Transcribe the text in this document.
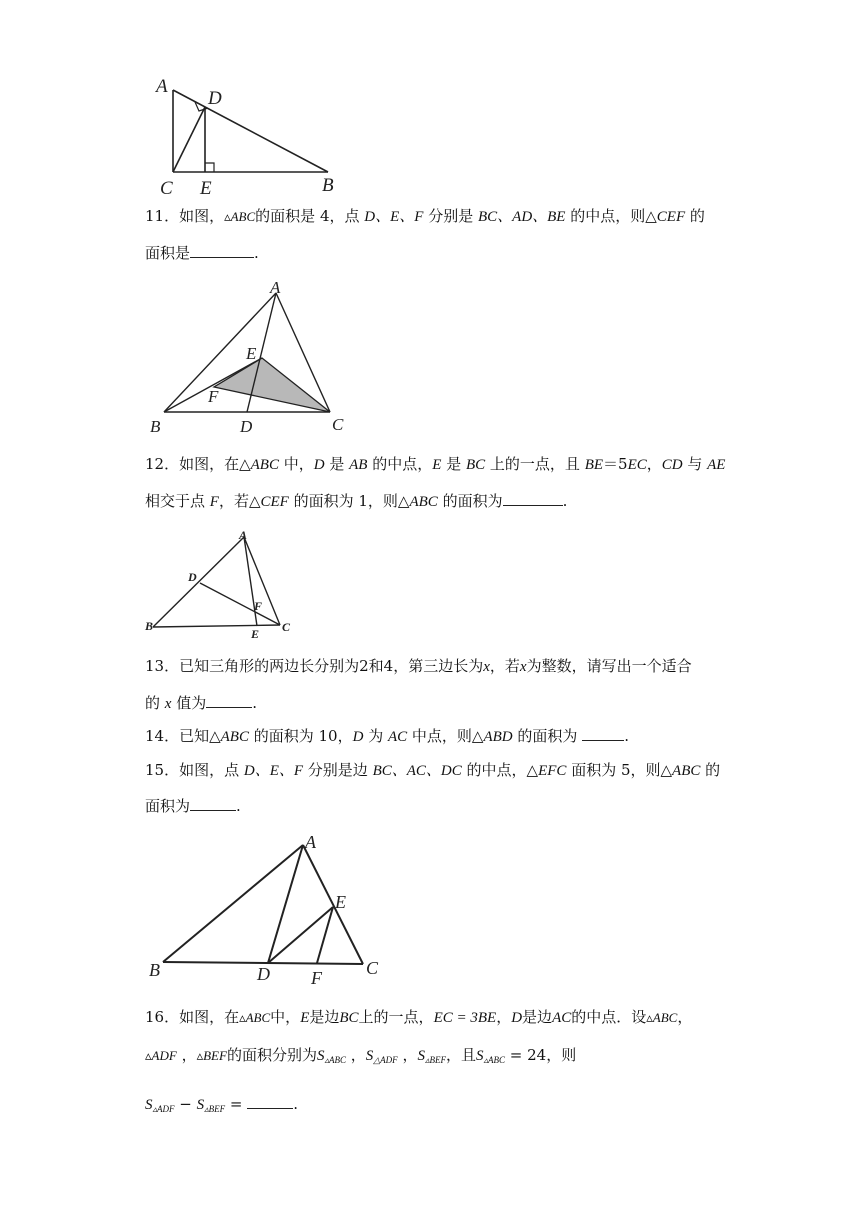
A
D
C E	B
11．如图，▵ABC的面积是 4，点 D、E、F 分别是 BC、AD、BE 的中点，则△CEF 的
面积是	.
A
E
F
B	D	C
12．如图，在△ABC 中，D 是 AB 的中点，E 是 BC 上的一点，且 BE＝5EC，CD 与 AE
相交于点 F，若△CEF 的面积为 1，则△ABC 的面积为	.
A
D
F
B
E C
13．已知三角形的两边长分别为2和4，第三边长为x，若x为整数，请写出一个适合
的 x 值为	.
14．已知△ABC 的面积为 10，D 为 AC 中点，则△ABD 的面积为	.
15．如图，点 D、E、F 分别是边 BC、AC、DC 的中点，△EFC 面积为 5，则△ABC 的
面积为	.
A
E
B	D F C
16．如图，在▵ABC中，E是边BC上的一点，EC = 3BE，D是边AC的中点．设▵ABC，
▵ADF ，▵BEF的面积分别为$S_{▵ABC}$ ，$S_{\triangle ADF}$ ，$S_{▵BEF}$，且$S_{▵ABC} = 24$，则
$S_{▵ADF} - S_{▵BEF}$ =	.
